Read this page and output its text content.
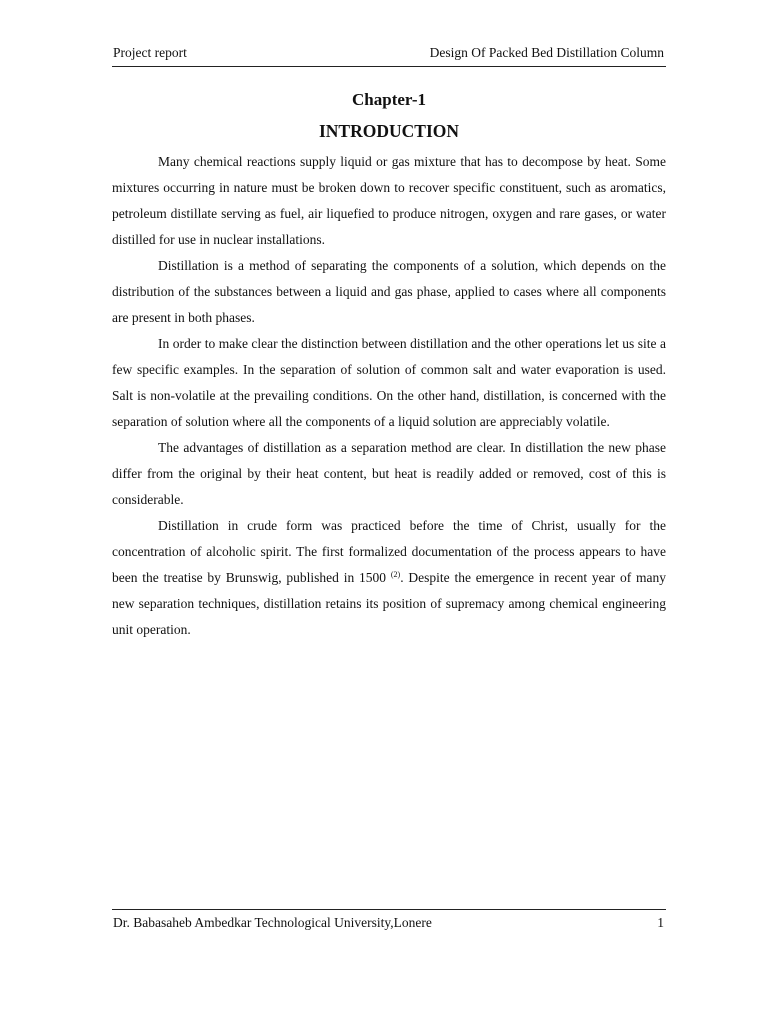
Project report	Design Of Packed Bed Distillation Column
Chapter-1
INTRODUCTION

Many chemical reactions supply liquid or gas mixture that has to decompose by heat. Some mixtures occurring in nature must be broken down to recover specific constituent, such as aromatics, petroleum distillate serving as fuel, air liquefied to produce nitrogen, oxygen and rare gases, or water distilled for use in nuclear installations.

Distillation is a method of separating the components of a solution, which depends on the distribution of the substances between a liquid and gas phase, applied to cases where all components are present in both phases.

In order to make clear the distinction between distillation and the other operations let us site a few specific examples. In the separation of solution of common salt and water evaporation is used. Salt is non-volatile at the prevailing conditions. On the other hand, distillation, is concerned with the separation of solution where all the components of a liquid solution are appreciably volatile.

The advantages of distillation as a separation method are clear. In distillation the new phase differ from the original by their heat content, but heat is readily added or removed, cost of this is considerable.

Distillation in crude form was practiced before the time of Christ, usually for the concentration of alcoholic spirit. The first formalized documentation of the process appears to have been the treatise by Brunswig, published in 1500 $^{(2)}$. Despite the emergence in recent year of many new separation techniques, distillation retains its position of supremacy among chemical engineering unit operation.

Dr. Babasaheb Ambedkar Technological University,Lonere	1
